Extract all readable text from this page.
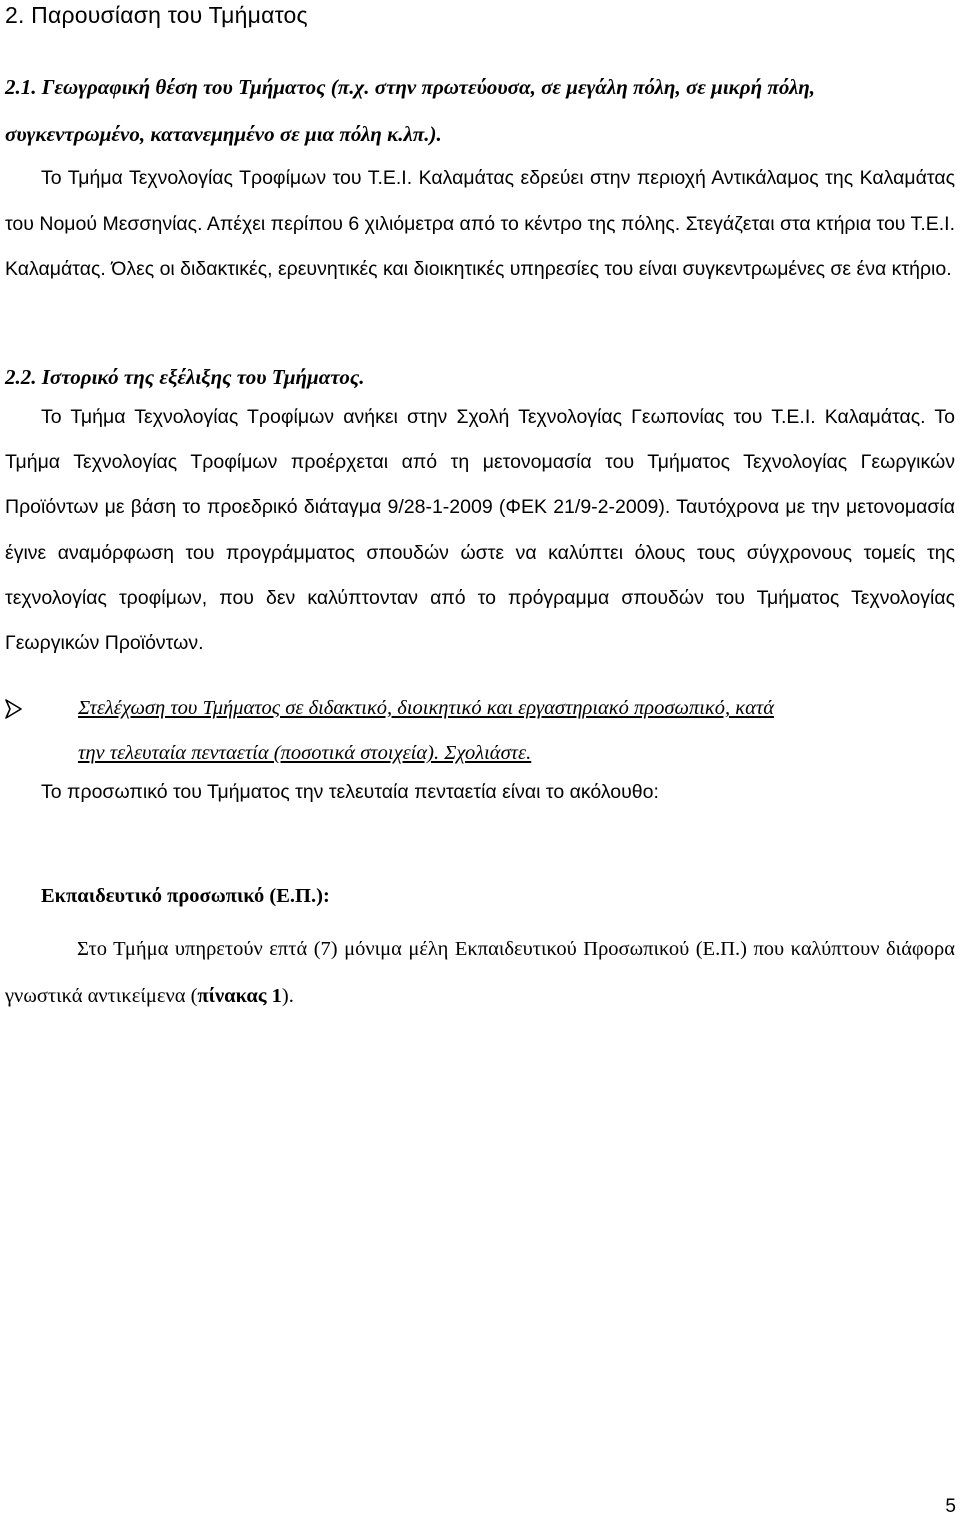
2. Παρουσίαση του Τμήματος

2.1. Γεωγραφική θέση του Τμήματος (π.χ. στην πρωτεύουσα, σε μεγάλη πόλη, σε μικρή πόλη, συγκεντρωμένο, κατανεμημένο σε μια πόλη κ.λπ.).

Το Τμήμα Τεχνολογίας Τροφίμων του Τ.Ε.Ι. Καλαμάτας εδρεύει στην περιοχή Αντικάλαμος της Καλαμάτας του Νομού Μεσσηνίας. Απέχει περίπου 6 χιλιόμετρα από το κέντρο της πόλης. Στεγάζεται στα κτήρια του Τ.Ε.Ι. Καλαμάτας. Όλες οι διδακτικές, ερευνητικές και διοικητικές υπηρεσίες του είναι συγκεντρωμένες σε ένα κτήριο.

2.2. Ιστορικό της εξέλιξης του Τμήματος.

Το Τμήμα Τεχνολογίας Τροφίμων ανήκει στην Σχολή Τεχνολογίας Γεωπονίας του Τ.Ε.Ι. Καλαμάτας. Το Τμήμα Τεχνολογίας Τροφίμων προέρχεται από τη μετονομασία του Τμήματος Τεχνολογίας Γεωργικών Προϊόντων με βάση το προεδρικό διάταγμα 9/28-1-2009 (ΦΕΚ 21/9-2-2009). Ταυτόχρονα με την μετονομασία έγινε αναμόρφωση του προγράμματος σπουδών ώστε να καλύπτει όλους τους σύγχρονους τομείς της τεχνολογίας τροφίμων, που δεν καλύπτονταν από το πρόγραμμα σπουδών του Τμήματος Τεχνολογίας Γεωργικών Προϊόντων.

Στελέχωση του Τμήματος σε διδακτικό, διοικητικό και εργαστηριακό προσωπικό, κατά
την τελευταία πενταετία (ποσοτικά στοιχεία). Σχολιάστε.

Το προσωπικό του Τμήματος την τελευταία πενταετία είναι το ακόλουθο:

Εκπαιδευτικό προσωπικό (Ε.Π.):

Στο Τμήμα υπηρετούν επτά (7) μόνιμα μέλη Εκπαιδευτικού Προσωπικού (Ε.Π.) που καλύπτουν διάφορα γνωστικά αντικείμενα (πίνακας 1).

5
